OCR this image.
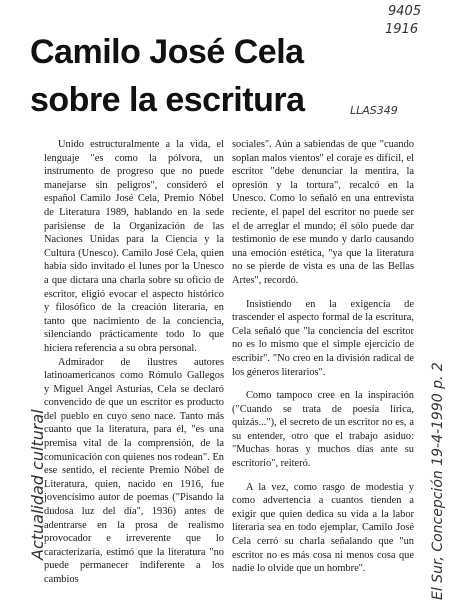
9405
1916
LLAS349
Camilo José Cela
sobre la escritura

Unido estructuralmente a la vida, el lenguaje "es como la pólvora, un instrumento de progreso que no puede manejarse sin peligros", consideró el español Camilo José Cela, Premio Nóbel de Literatura 1989, hablando en la sede parisiense de la Organización de las Naciones Unidas para la Ciencia y la Cultura (Unesco). Camilo José Cela, quien había sido invitado el lunes por la Unesco a que dictara una charla sobre su oficio de escritor, eligió evocar el aspecto histórico y filosófico de la creación literaria, en tanto que nacimiento de la conciencia, silenciando prácticamente todo lo que hiciera referencia a su obra personal.

Admirador de ilustres autores latinoamericanos como Rómulo Gallegos y Miguel Angel Asturias, Cela se declaró convencido de que un escritor es producto del pueblo en cuyo seno nace. Tanto más cuanto que la literatura, para él, "es una premisa vital de la comprensión, de la comunicación con quienes nos rodean". En ese sentido, el reciente Premio Nóbel de Literatura, quien, nacido en 1916, fue jovencísimo autor de poemas ("Pisando la dudosa luz del día", 1936) antes de adentrarse en la prosa de realismo provocador e irreverente que lo caracterizaría, estimó que la literatura "no puede permanecer indiferente a los cambios

sociales". Aún a sabiendas de que "cuando soplan malos vientos" el coraje es difícil, el escritor "debe denunciar la mentira, la opresión y la tortura", recalcó en la Unesco. Como lo señaló en una entrevista reciente, el papel del escritor no puede ser el de arreglar el mundo; él sólo puede dar testimonio de ese mundo y darlo causando una emoción estética, "ya que la literatura no se pierde de vista es una de las Bellas Artes", recordó.

Insistiendo en la exigencia de trascender el aspecto formal de la escritura, Cela señaló que "la conciencia del escritor no es lo mismo que el simple ejercicio de escribir". "No creo en la división radical de los géneros literarios".

Como tampoco cree en la inspiración ("Cuando se trata de poesía lírica, quizás..."), el secreto de un escritor no es, a su entender, otro que el trabajo asiduo: "Muchas horas y muchos días ante su escritorio", reiteró.

A la vez, como rasgo de modestia y como advertencia a cuantos tienden a exigir que quien dedica su vida a la labor literaria sea en todo ejemplar, Camilo José Cela cerró su charla señalando que "un escritor no es más cosa ni menos cosa que nadie lo olvide que un hombre".

Actualidad cultural	El Sur, Concepción 19-4-1990 p. 2
